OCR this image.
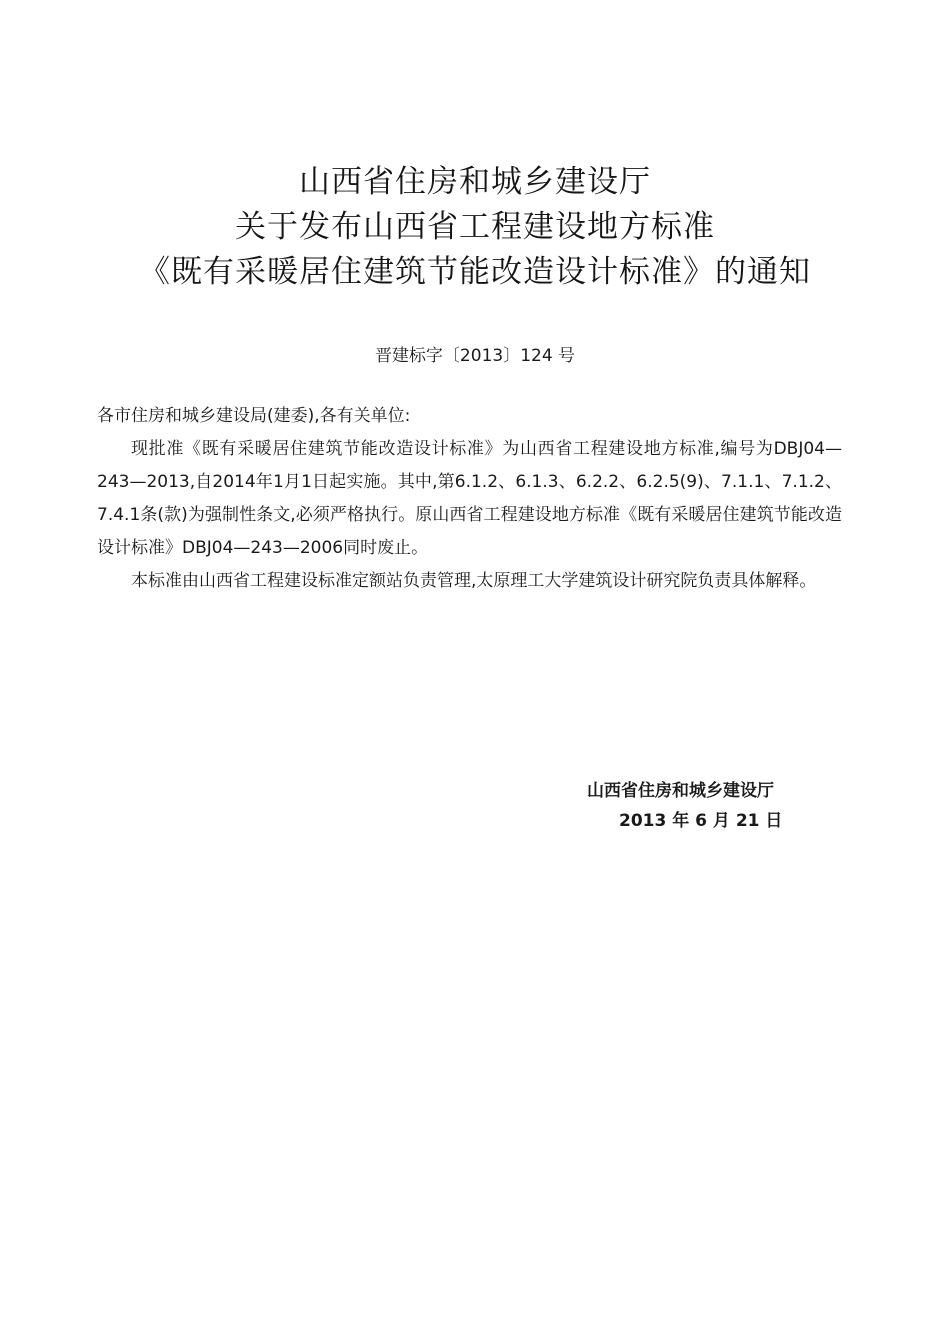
山西省住房和城乡建设厅
关于发布山西省工程建设地方标准
《既有采暖居住建筑节能改造设计标准》的通知
晋建标字〔2013〕124 号
各市住房和城乡建设局(建委),各有关单位:
现批准《既有采暖居住建筑节能改造设计标准》为山西省工程建设地方标准,编号为DBJ04—243—2013,自2014年1月1日起实施。其中,第6.1.2、6.1.3、6.2.2、6.2.5(9)、7.1.1、7.1.2、7.4.1条(款)为强制性条文,必须严格执行。原山西省工程建设地方标准《既有采暖居住建筑节能改造设计标准》DBJ04—243—2006同时废止。
本标准由山西省工程建设标准定额站负责管理,太原理工大学建筑设计研究院负责具体解释。
山西省住房和城乡建设厅
2013 年 6 月 21 日
